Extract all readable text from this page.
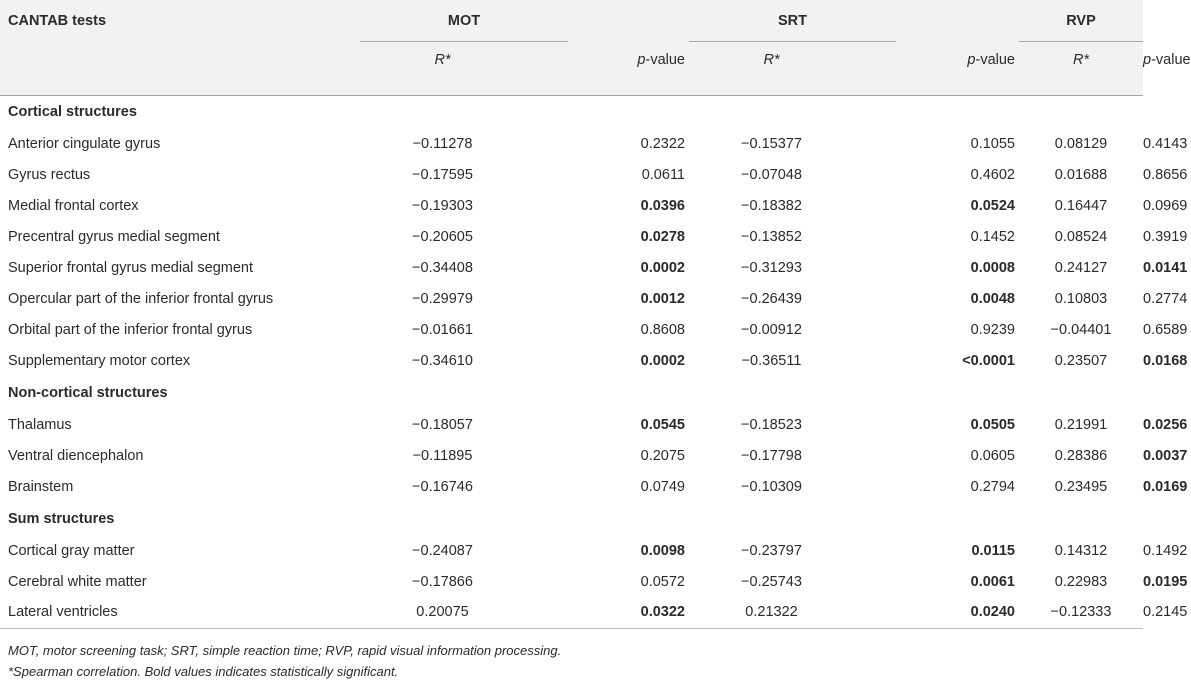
CANTAB tests	MOT			SRT			RVP	
	R*	p-value		R*	p-value		R*	p-value
Cortical structures								
Anterior cingulate gyrus	−0.11278	0.2322		−0.15377	0.1055		0.08129	0.4143
Gyrus rectus	−0.17595	0.0611		−0.07048	0.4602		0.01688	0.8656
Medial frontal cortex	−0.19303	0.0396		−0.18382	0.0524		0.16447	0.0969
Precentral gyrus medial segment	−0.20605	0.0278		−0.13852	0.1452		0.08524	0.3919
Superior frontal gyrus medial segment	−0.34408	0.0002		−0.31293	0.0008		0.24127	0.0141
Opercular part of the inferior frontal gyrus	−0.29979	0.0012		−0.26439	0.0048		0.10803	0.2774
Orbital part of the inferior frontal gyrus	−0.01661	0.8608		−0.00912	0.9239		−0.04401	0.6589
Supplementary motor cortex	−0.34610	0.0002		−0.36511	<0.0001		0.23507	0.0168
Non-cortical structures								
Thalamus	−0.18057	0.0545		−0.18523	0.0505		0.21991	0.0256
Ventral diencephalon	−0.11895	0.2075		−0.17798	0.0605		0.28386	0.0037
Brainstem	−0.16746	0.0749		−0.10309	0.2794		0.23495	0.0169
Sum structures								
Cortical gray matter	−0.24087	0.0098		−0.23797	0.0115		0.14312	0.1492
Cerebral white matter	−0.17866	0.0572		−0.25743	0.0061		0.22983	0.0195
Lateral ventricles	0.20075	0.0322		0.21322	0.0240		−0.12333	0.2145
MOT, motor screening task; SRT, simple reaction time; RVP, rapid visual information processing.
*Spearman correlation. Bold values indicates statistically significant.
